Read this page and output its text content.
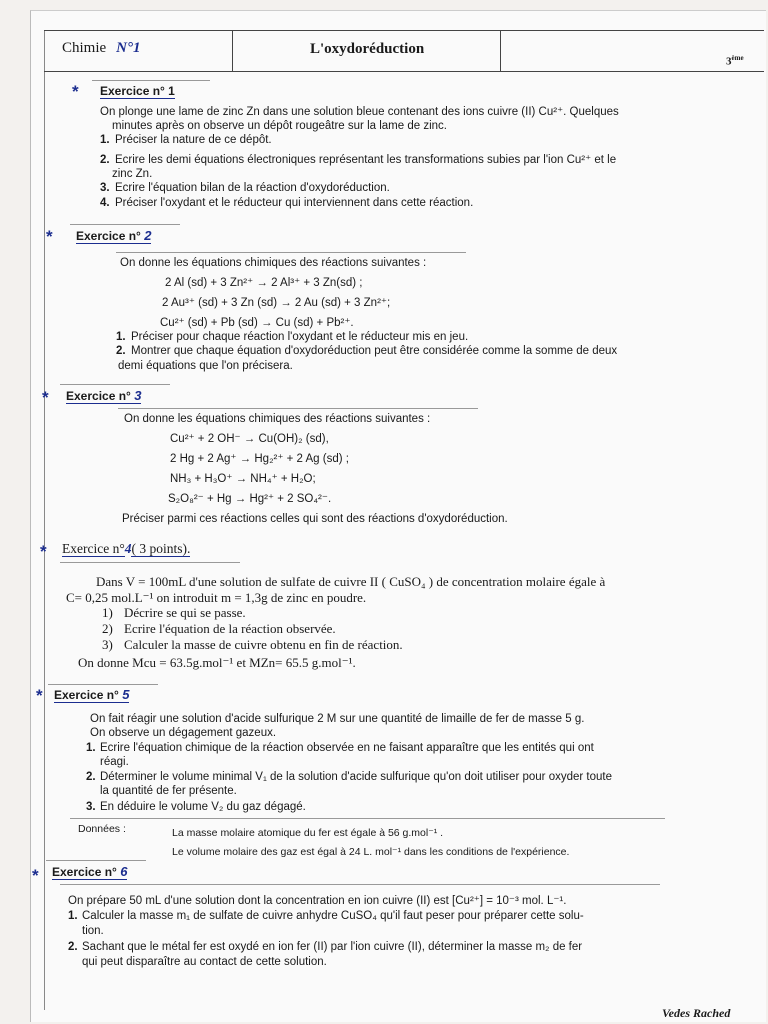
Chimie N°1	L'oxydoréduction
3ème
* Exercice n° 1
On plonge une lame de zinc Zn dans une solution bleue contenant des ions cuivre (II) Cu²⁺. Quelques
minutes après on observe un dépôt rougeâtre sur la lame de zinc.
1. Préciser la nature de ce dépôt.
2. Ecrire les demi équations électroniques représentant les transformations subies par l'ion Cu²⁺ et le
zinc Zn.
3. Ecrire l'équation bilan de la réaction d'oxydoréduction.
4. Préciser l'oxydant et le réducteur qui interviennent dans cette réaction.
* Exercice n° 2
On donne les équations chimiques des réactions suivantes :
2 Al (sd) + 3 Zn²⁺ → 2 Al³⁺ + 3 Zn(sd) ;
2 Au³⁺ (sd) + 3 Zn (sd) → 2 Au (sd) + 3 Zn²⁺;
Cu²⁺ (sd) + Pb (sd) → Cu (sd) + Pb²⁺.
1. Préciser pour chaque réaction l'oxydant et le réducteur mis en jeu.
2. Montrer que chaque équation d'oxydoréduction peut être considérée comme la somme de deux
demi équations que l'on précisera.
* Exercice n° 3
On donne les équations chimiques des réactions suivantes :
Cu²⁺ + 2 OH⁻ → Cu(OH)₂ (sd),
2 Hg + 2 Ag⁺ → Hg₂²⁺ + 2 Ag (sd) ;
NH₃ + H₃O⁺ → NH₄⁺ + H₂O;
S₂O₈²⁻ + Hg → Hg²⁺ + 2 SO₄²⁻.
Préciser parmi ces réactions celles qui sont des réactions d'oxydoréduction.
* Exercice n°4( 3 points).
Dans V = 100mL d'une solution de sulfate de cuivre II ( CuSO₄ ) de concentration molaire égale à
C= 0,25 mol.L⁻¹ on introduit m = 1,3g de zinc en poudre.
1) Décrire se qui se passe.
2) Ecrire l'équation de la réaction observée.
3) Calculer la masse de cuivre obtenu en fin de réaction.
On donne Mcu = 63.5g.mol⁻¹ et MZn= 65.5 g.mol⁻¹.
* Exercice n° 5
On fait réagir une solution d'acide sulfurique 2 M sur une quantité de limaille de fer de masse 5 g.
On observe un dégagement gazeux.
1. Ecrire l'équation chimique de la réaction observée en ne faisant apparaître que les entités qui ont
réagi.
2. Déterminer le volume minimal V₁ de la solution d'acide sulfurique qu'on doit utiliser pour oxyder toute
la quantité de fer présente.
3. En déduire le volume V₂ du gaz dégagé.
Données :	La masse molaire atomique du fer est égale à 56 g.mol⁻¹ .
Le volume molaire des gaz est égal à 24 L. mol⁻¹ dans les conditions de l'expérience.
* Exercice n° 6
On prépare 50 mL d'une solution dont la concentration en ion cuivre (II) est [Cu²⁺] = 10⁻³ mol. L⁻¹.
1. Calculer la masse m₁ de sulfate de cuivre anhydre CuSO₄ qu'il faut peser pour préparer cette solu-
tion.
2. Sachant que le métal fer est oxydé en ion fer (II) par l'ion cuivre (II), déterminer la masse m₂ de fer
qui peut disparaître au contact de cette solution.
Vedes Rached
